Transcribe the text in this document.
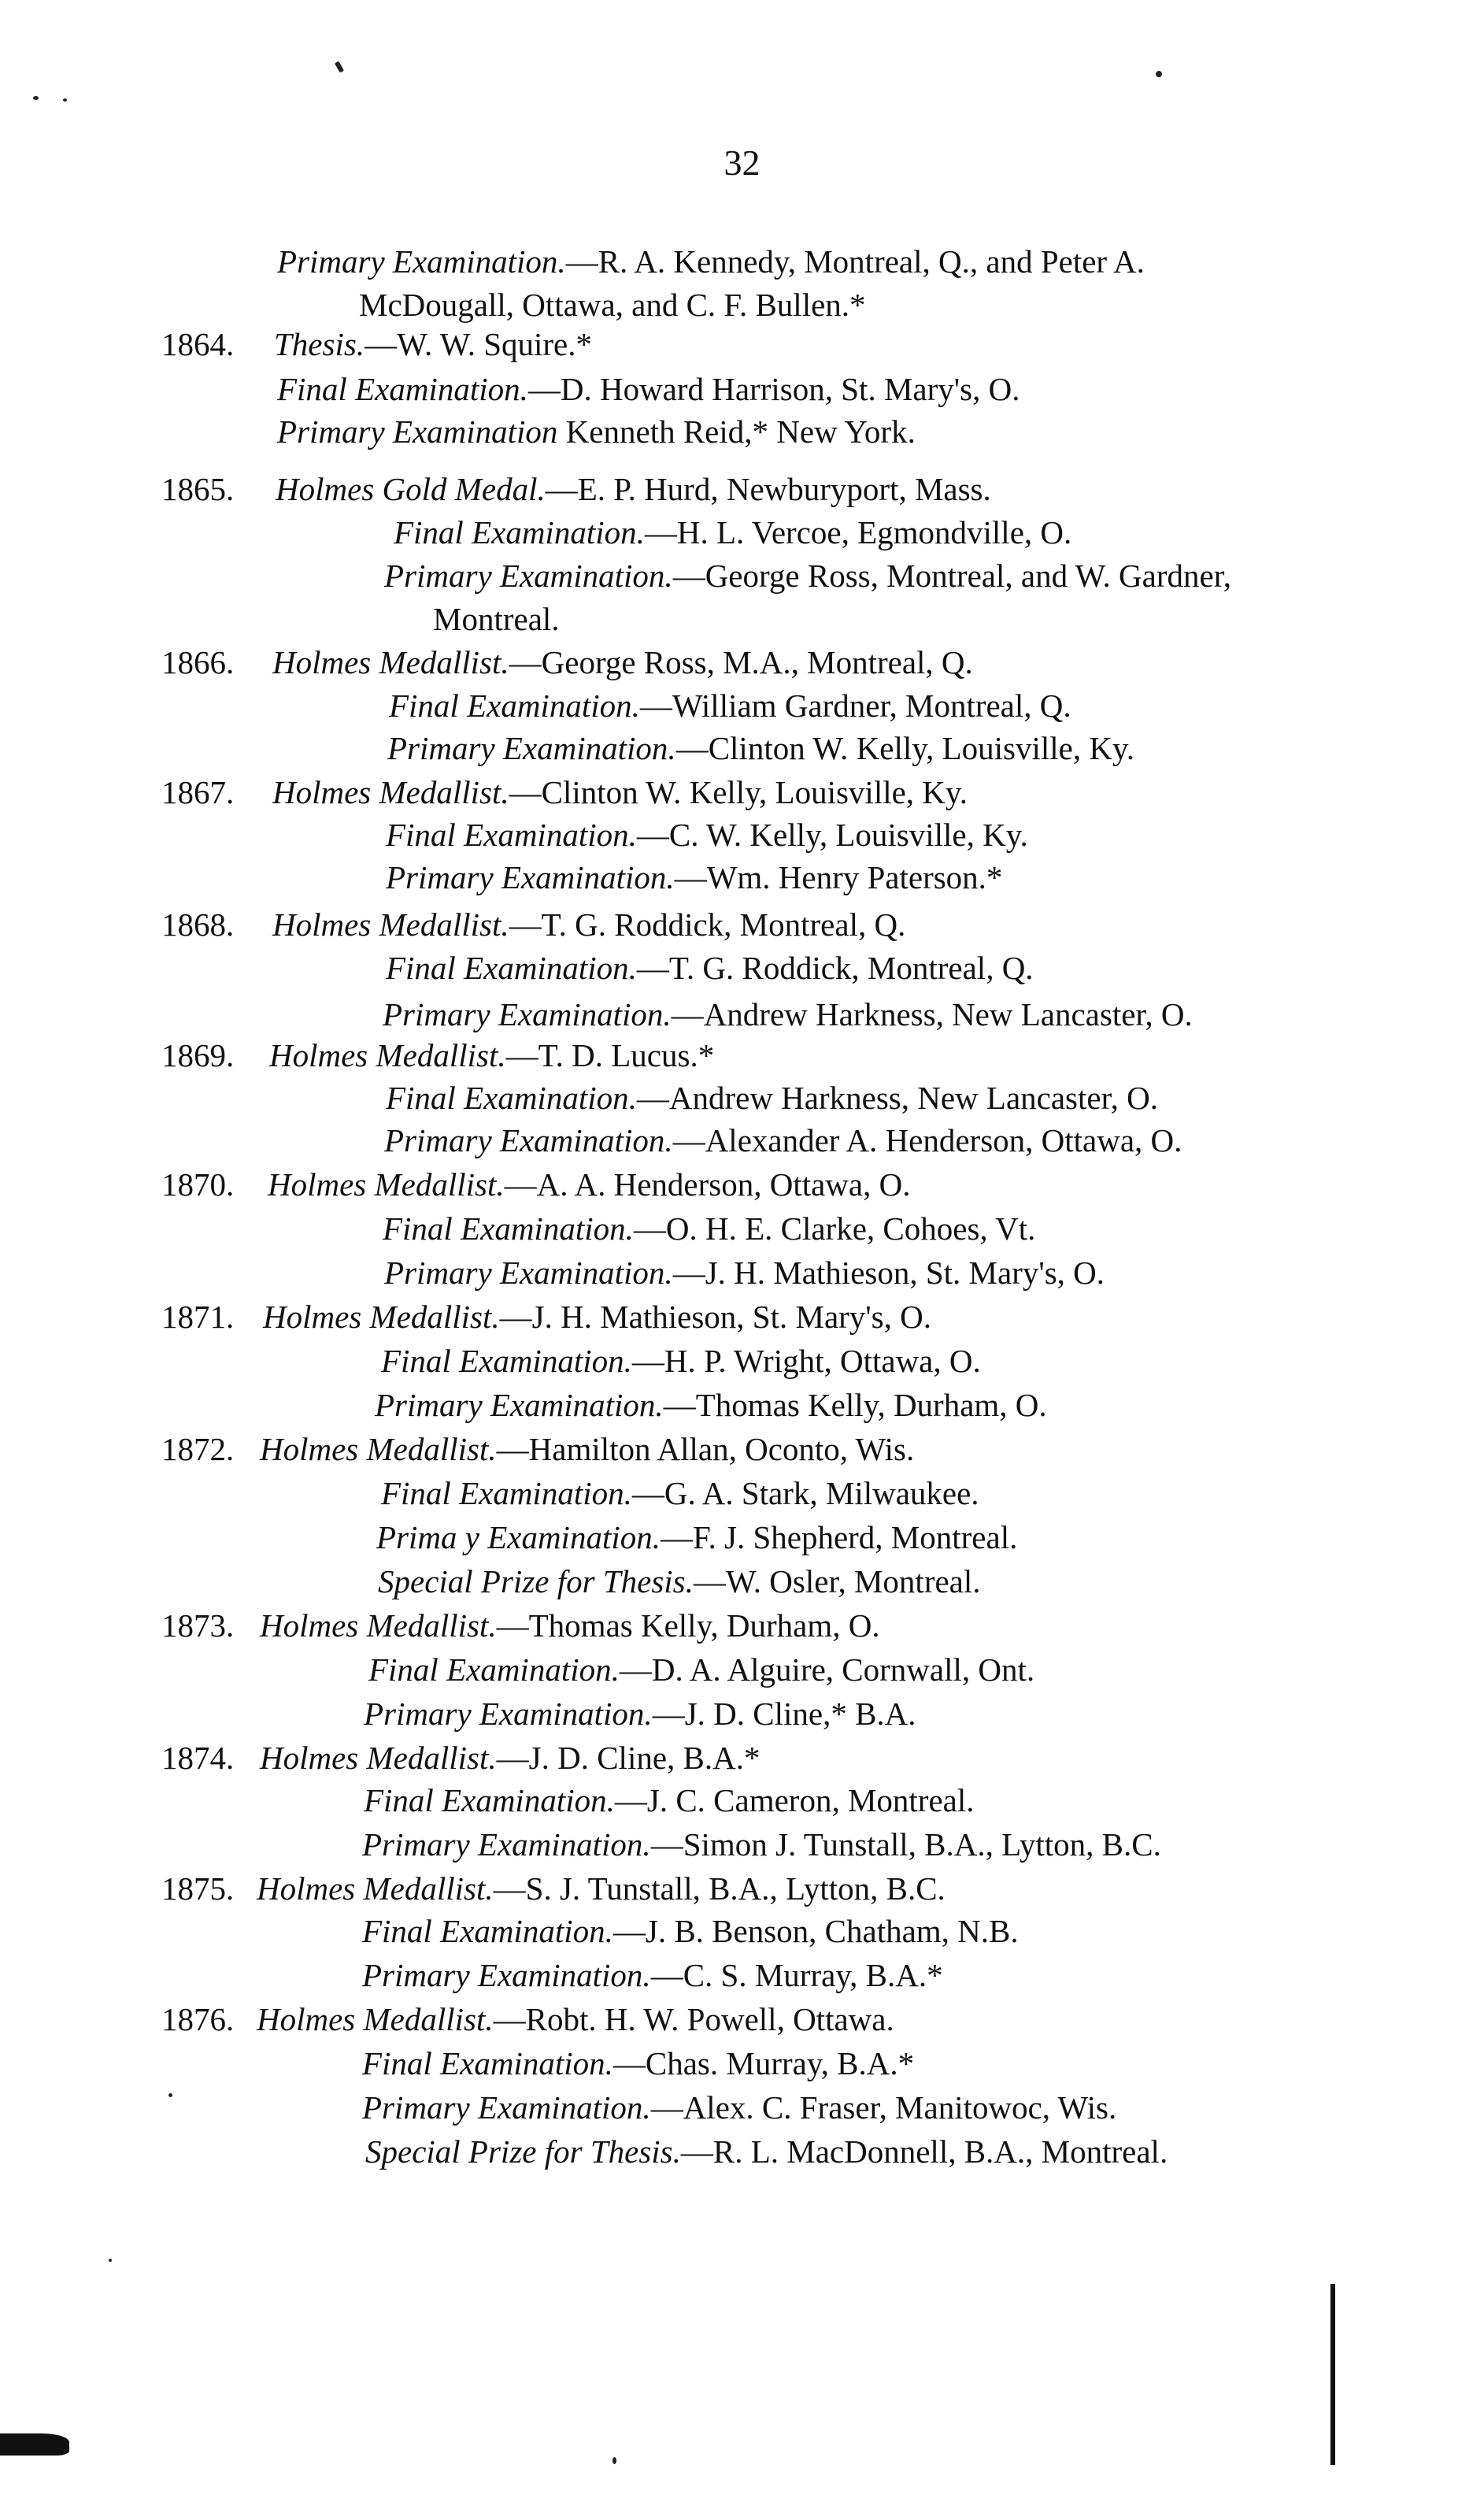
32
Primary Examination.—R. A. Kennedy, Montreal, Q., and Peter A.
McDougall, Ottawa, and C. F. Bullen.*
1864.	Thesis.—W. W. Squire.*
Final Examination.—D. Howard Harrison, St. Mary's, O.
Primary Examination Kenneth Reid,* New York.
1865.	Holmes Gold Medal.—E. P. Hurd, Newburyport, Mass.
Final Examination.—H. L. Vercoe, Egmondville, O.
Primary Examination.—George Ross, Montreal, and W. Gardner,
Montreal.
1866.	Holmes Medallist.—George Ross, M.A., Montreal, Q.
Final Examination.—William Gardner, Montreal, Q.
Primary Examination.—Clinton W. Kelly, Louisville, Ky.
1867.	Holmes Medallist.—Clinton W. Kelly, Louisville, Ky.
Final Examination.—C. W. Kelly, Louisville, Ky.
Primary Examination.—Wm. Henry Paterson.*
1868.	Holmes Medallist.—T. G. Roddick, Montreal, Q.
Final Examination.—T. G. Roddick, Montreal, Q.
Primary Examination.—Andrew Harkness, New Lancaster, O.
1869.	Holmes Medallist.—T. D. Lucus.*
Final Examination.—Andrew Harkness, New Lancaster, O.
Primary Examination.—Alexander A. Henderson, Ottawa, O.
1870.	Holmes Medallist.—A. A. Henderson, Ottawa, O.
Final Examination.—O. H. E. Clarke, Cohoes, Vt.
Primary Examination.—J. H. Mathieson, St. Mary's, O.
1871. Holmes Medallist.—J. H. Mathieson, St. Mary's, O.
Final Examination.—H. P. Wright, Ottawa, O.
Primary Examination.—Thomas Kelly, Durham, O.
1872. Holmes Medallist.—Hamilton Allan, Oconto, Wis.
Final Examination.—G. A. Stark, Milwaukee.
Prima y Examination.—F. J. Shepherd, Montreal.
Special Prize for Thesis.—W. Osler, Montreal.
1873. Holmes Medallist.—Thomas Kelly, Durham, O.
Final Examination.—D. A. Alguire, Cornwall, Ont.
Primary Examination.—J. D. Cline,* B.A.
1874. Holmes Medallist.—J. D. Cline, B.A.*
Final Examination.—J. C. Cameron, Montreal.
Primary Examination.—Simon J. Tunstall, B.A., Lytton, B.C.
1875. Holmes Medallist.—S. J. Tunstall, B.A., Lytton, B.C.
Final Examination.—J. B. Benson, Chatham, N.B.
Primary Examination.—C. S. Murray, B.A.*
1876. Holmes Medallist.—Robt. H. W. Powell, Ottawa.
Final Examination.—Chas. Murray, B.A.*
Primary Examination.—Alex. C. Fraser, Manitowoc, Wis.
Special Prize for Thesis.—R. L. MacDonnell, B.A., Montreal.
